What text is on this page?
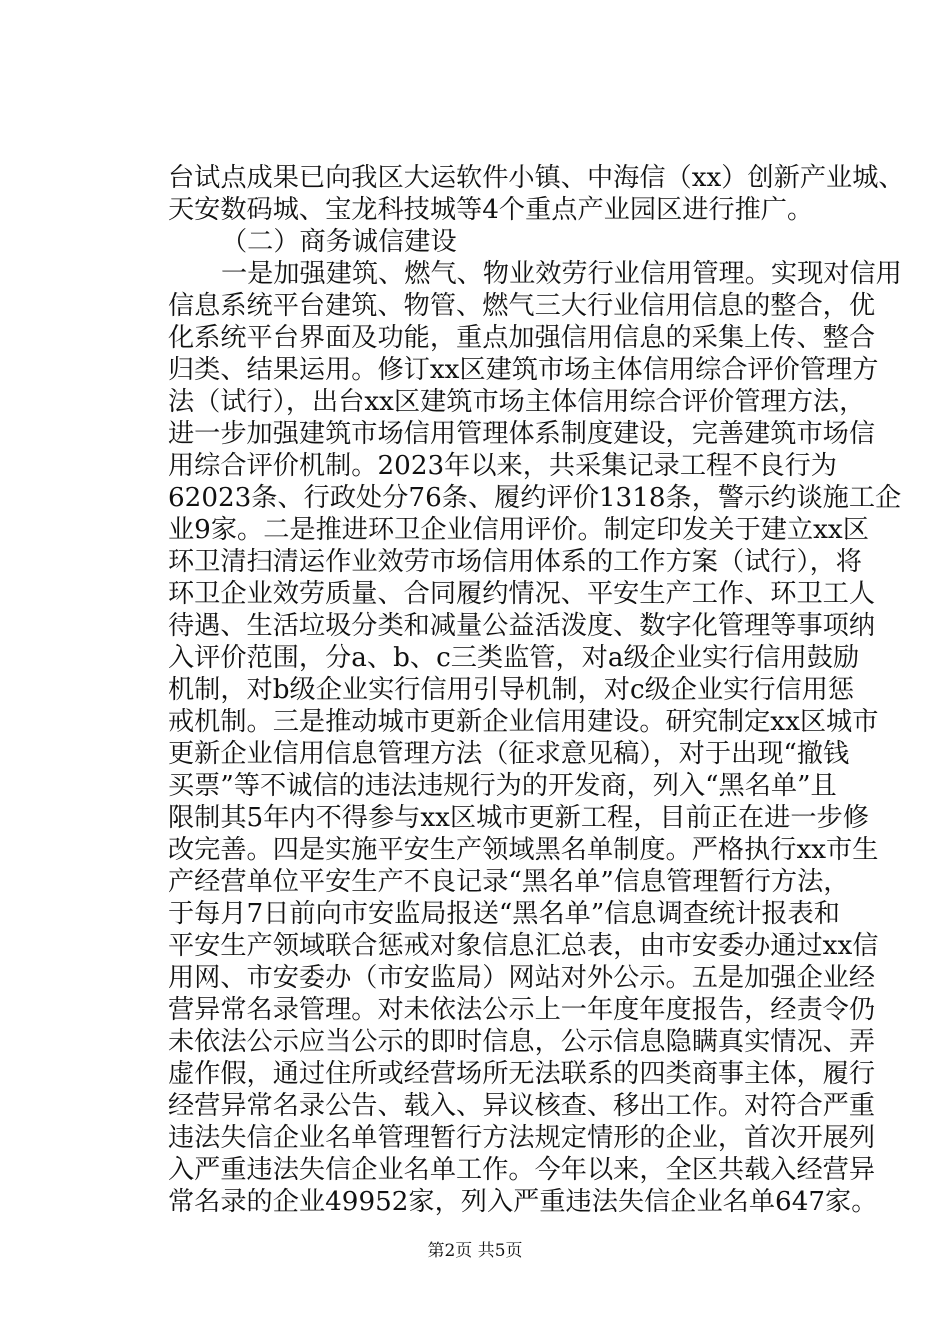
台试点成果已向我区大运软件小镇、中海信（xx）创新产业城、
天安数码城、宝龙科技城等4个重点产业园区进行推广。
（二）商务诚信建设
一是加强建筑、燃气、物业效劳行业信用管理。实现对信用
信息系统平台建筑、物管、燃气三大行业信用信息的整合，优
化系统平台界面及功能，重点加强信用信息的采集上传、整合
归类、结果运用。修订xx区建筑市场主体信用综合评价管理方
法（试行），出台xx区建筑市场主体信用综合评价管理方法，
进一步加强建筑市场信用管理体系制度建设，完善建筑市场信
用综合评价机制。2023年以来，共采集记录工程不良行为
62023条、行政处分76条、履约评价1318条，警示约谈施工企
业9家。二是推进环卫企业信用评价。制定印发关于建立xx区
环卫清扫清运作业效劳市场信用体系的工作方案（试行），将
环卫企业效劳质量、合同履约情况、平安生产工作、环卫工人
待遇、生活垃圾分类和减量公益活泼度、数字化管理等事项纳
入评价范围，分a、b、c三类监管，对a级企业实行信用鼓励
机制，对b级企业实行信用引导机制，对c级企业实行信用惩
戒机制。三是推动城市更新企业信用建设。研究制定xx区城市
更新企业信用信息管理方法（征求意见稿），对于出现“撤钱
买票”等不诚信的违法违规行为的开发商，列入“黑名单”且
限制其5年内不得参与xx区城市更新工程，目前正在进一步修
改完善。四是实施平安生产领域黑名单制度。严格执行xx市生
产经营单位平安生产不良记录“黑名单”信息管理暂行方法，
于每月7日前向市安监局报送“黑名单”信息调查统计报表和
平安生产领域联合惩戒对象信息汇总表，由市安委办通过xx信
用网、市安委办（市安监局）网站对外公示。五是加强企业经
营异常名录管理。对未依法公示上一年度年度报告，经责令仍
未依法公示应当公示的即时信息，公示信息隐瞒真实情况、弄
虚作假，通过住所或经营场所无法联系的四类商事主体，履行
经营异常名录公告、载入、异议核查、移出工作。对符合严重
违法失信企业名单管理暂行方法规定情形的企业，首次开展列
入严重违法失信企业名单工作。今年以来，全区共载入经营异
常名录的企业49952家，列入严重违法失信企业名单647家。
第2页 共5页
